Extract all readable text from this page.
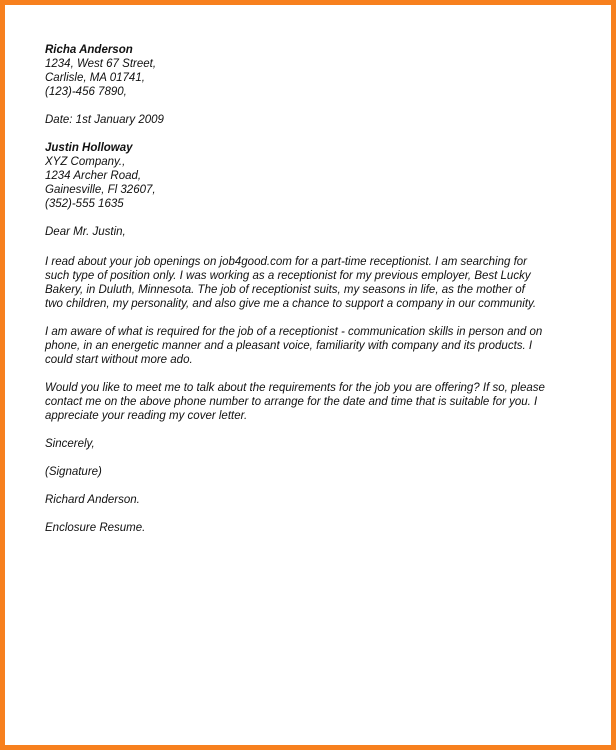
Richa Anderson
1234, West 67 Street,
Carlisle, MA 01741,
(123)-456 7890,
Date: 1st January 2009
Justin Holloway
XYZ Company.,
1234 Archer Road,
Gainesville, Fl 32607,
(352)-555 1635
Dear Mr. Justin,
I read about your job openings on job4good.com for a part-time receptionist. I am searching for
such type of position only. I was working as a receptionist for my previous employer, Best Lucky
Bakery, in Duluth, Minnesota. The job of receptionist suits, my seasons in life, as the mother of
two children, my personality, and also give me a chance to support a company in our community.
I am aware of what is required for the job of a receptionist - communication skills in person and on
phone, in an energetic manner and a pleasant voice, familiarity with company and its products. I
could start without more ado.
Would you like to meet me to talk about the requirements for the job you are offering? If so, please
contact me on the above phone number to arrange for the date and time that is suitable for you. I
appreciate your reading my cover letter.
Sincerely,
(Signature)
Richard Anderson.
Enclosure Resume.
